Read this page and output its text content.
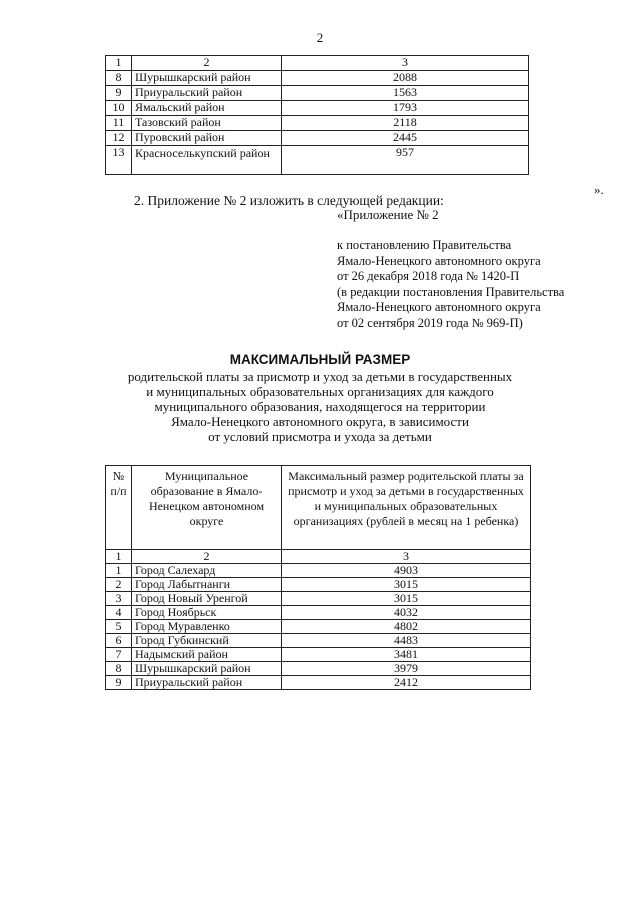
2
1	2	3
8	Шурышкарский район	2088
9	Приуральский район	1563
10	Ямальский район	1793
11	Тазовский район	2118
12	Пуровский район	2445
13	Красноселькупский район	957
».
2. Приложение № 2 изложить в следующей редакции:
«Приложение № 2
к постановлению Правительства
Ямало-Ненецкого автономного округа
от 26 декабря 2018 года № 1420-П
(в редакции постановления Правительства
Ямало-Ненецкого автономного округа
от 02 сентября 2019 года № 969-П)
МАКСИМАЛЬНЫЙ РАЗМЕР
родительской платы за присмотр и уход за детьми в государственных
и муниципальных образовательных организациях для каждого
муниципального образования, находящегося на территории
Ямало-Ненецкого автономного округа, в зависимости
от условий присмотра и ухода за детьми
№ п/п	Муниципальное образование в Ямало-Ненецком автономном округе	Максимальный размер родительской платы за присмотр и уход за детьми в государственных и муниципальных образовательных организациях (рублей в месяц на 1 ребенка)
1	2	3
1	Город Салехард	4903
2	Город Лабытнанги	3015
3	Город Новый Уренгой	3015
4	Город Ноябрьск	4032
5	Город Муравленко	4802
6	Город Губкинский	4483
7	Надымский район	3481
8	Шурышкарский район	3979
9	Приуральский район	2412
